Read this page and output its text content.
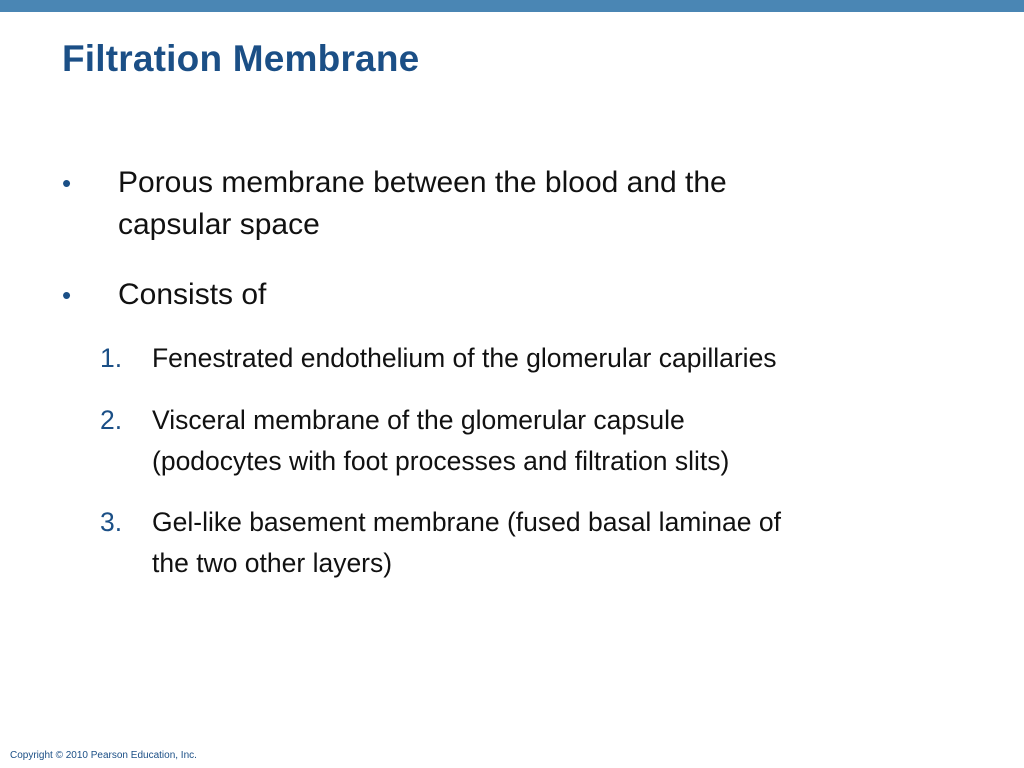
Filtration Membrane
•	Porous membrane between the blood and the
capsular space
•	Consists of
1. Fenestrated endothelium of the glomerular capillaries
2. Visceral membrane of the glomerular capsule
(podocytes with foot processes and filtration slits)
3. Gel-like basement membrane (fused basal laminae of
the two other layers)
Copyright © 2010 Pearson Education, Inc.
